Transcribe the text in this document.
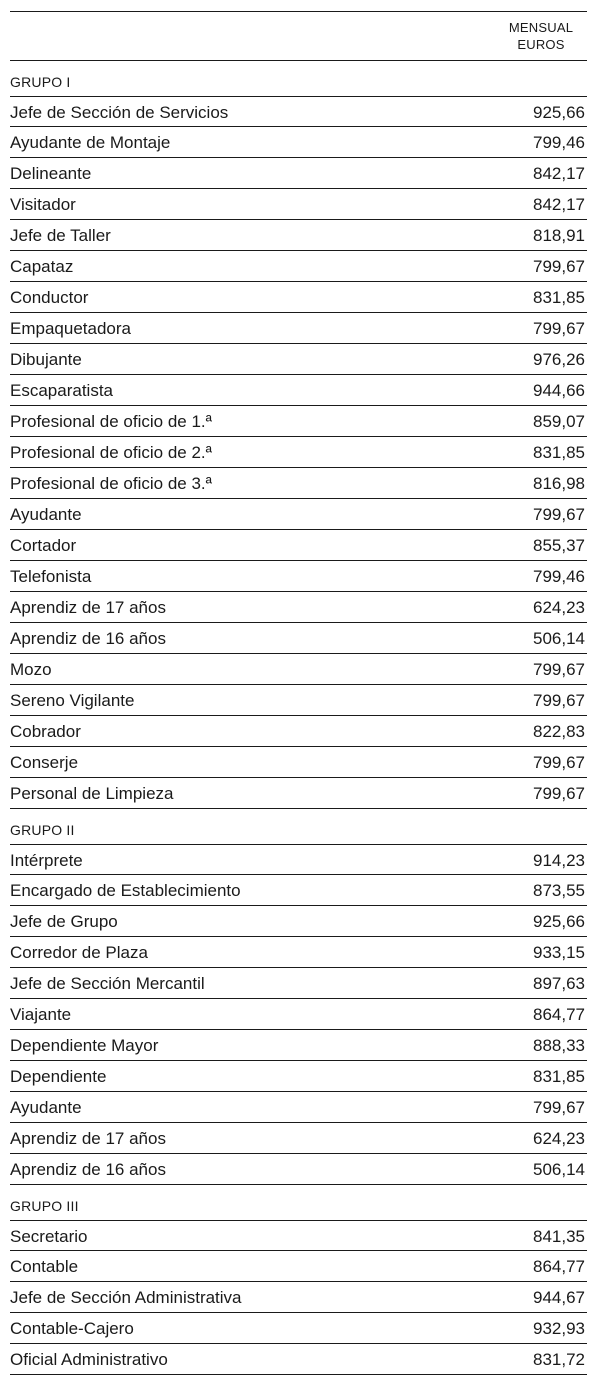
MENSUAL
EUROS
GRUPO I
Jefe de Sección de Servicios	925,66
Ayudante de Montaje	799,46
Delineante	842,17
Visitador	842,17
Jefe de Taller	818,91
Capataz	799,67
Conductor	831,85
Empaquetadora	799,67
Dibujante	976,26
Escaparatista	944,66
Profesional de oficio de 1.ª	859,07
Profesional de oficio de 2.ª	831,85
Profesional de oficio de 3.ª	816,98
Ayudante	799,67
Cortador	855,37
Telefonista	799,46
Aprendiz de 17 años	624,23
Aprendiz de 16 años	506,14
Mozo	799,67
Sereno Vigilante	799,67
Cobrador	822,83
Conserje	799,67
Personal de Limpieza	799,67
GRUPO II
Intérprete	914,23
Encargado de Establecimiento	873,55
Jefe de Grupo	925,66
Corredor de Plaza	933,15
Jefe de Sección Mercantil	897,63
Viajante	864,77
Dependiente Mayor	888,33
Dependiente	831,85
Ayudante	799,67
Aprendiz de 17 años	624,23
Aprendiz de 16 años	506,14
GRUPO III
Secretario	841,35
Contable	864,77
Jefe de Sección Administrativa	944,67
Contable-Cajero	932,93
Oficial Administrativo	831,72
